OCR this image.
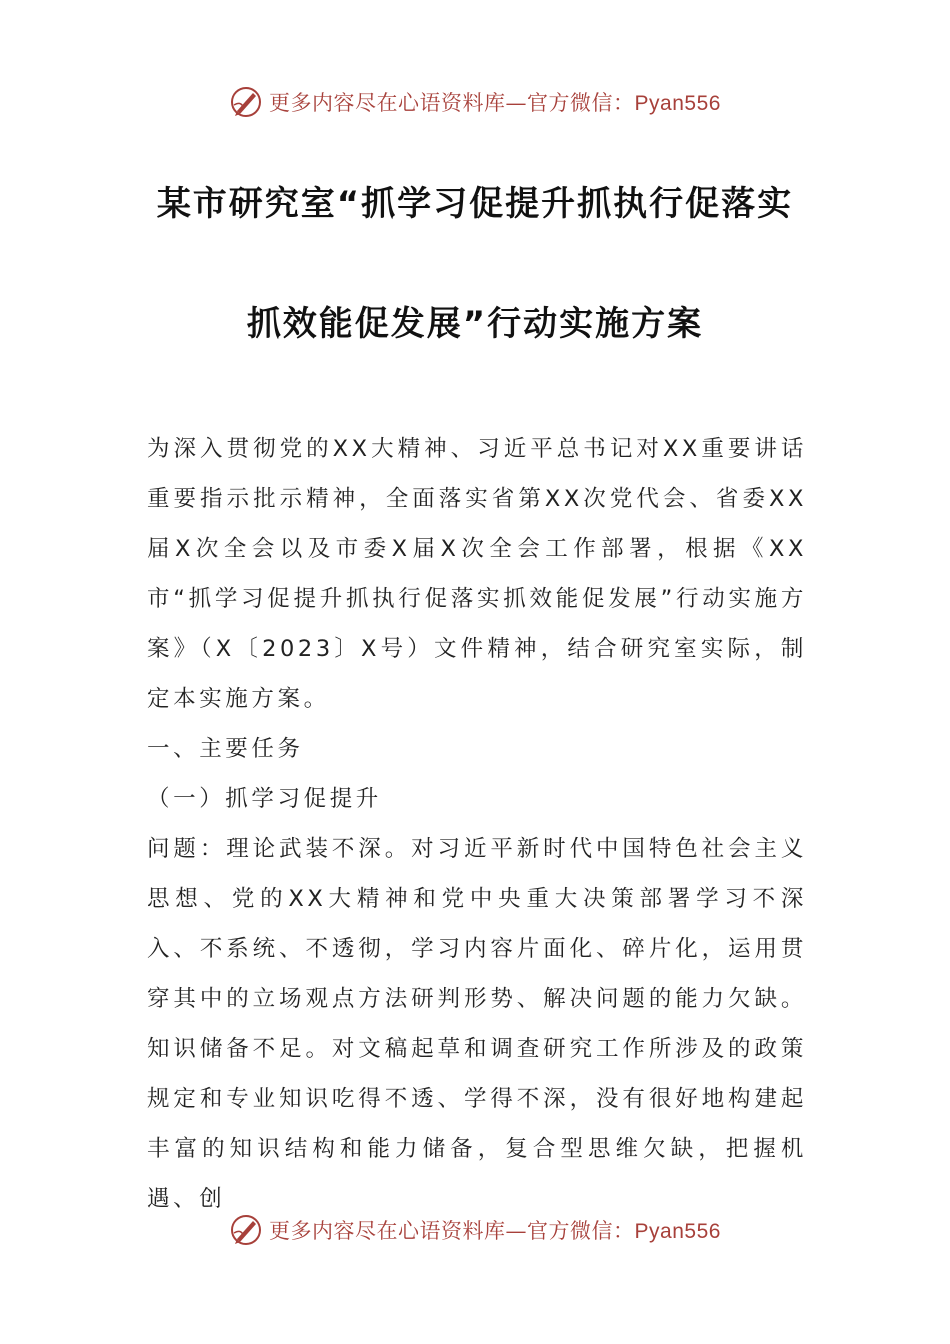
更多内容尽在心语资料库—官方微信：Pyan556
某市研究室“抓学习促提升抓执行促落实
抓效能促发展”行动实施方案

为深入贯彻党的XX大精神、习近平总书记对XX重要讲话重要指示批示精神，全面落实省第XX次党代会、省委XX届X次全会以及市委X届X次全会工作部署，根据《XX市“抓学习促提升抓执行促落实抓效能促发展”行动实施方案》（X〔2023〕X号）文件精神，结合研究室实际，制定本实施方案。

一、主要任务

（一）抓学习促提升

问题：理论武装不深。对习近平新时代中国特色社会主义思想、党的XX大精神和党中央重大决策部署学习不深入、不系统、不透彻，学习内容片面化、碎片化，运用贯穿其中的立场观点方法研判形势、解决问题的能力欠缺。知识储备不足。对文稿起草和调查研究工作所涉及的政策规定和专业知识吃得不透、学得不深，没有很好地构建起丰富的知识结构和能力储备，复合型思维欠缺，把握机遇、创

更多内容尽在心语资料库—官方微信：Pyan556
